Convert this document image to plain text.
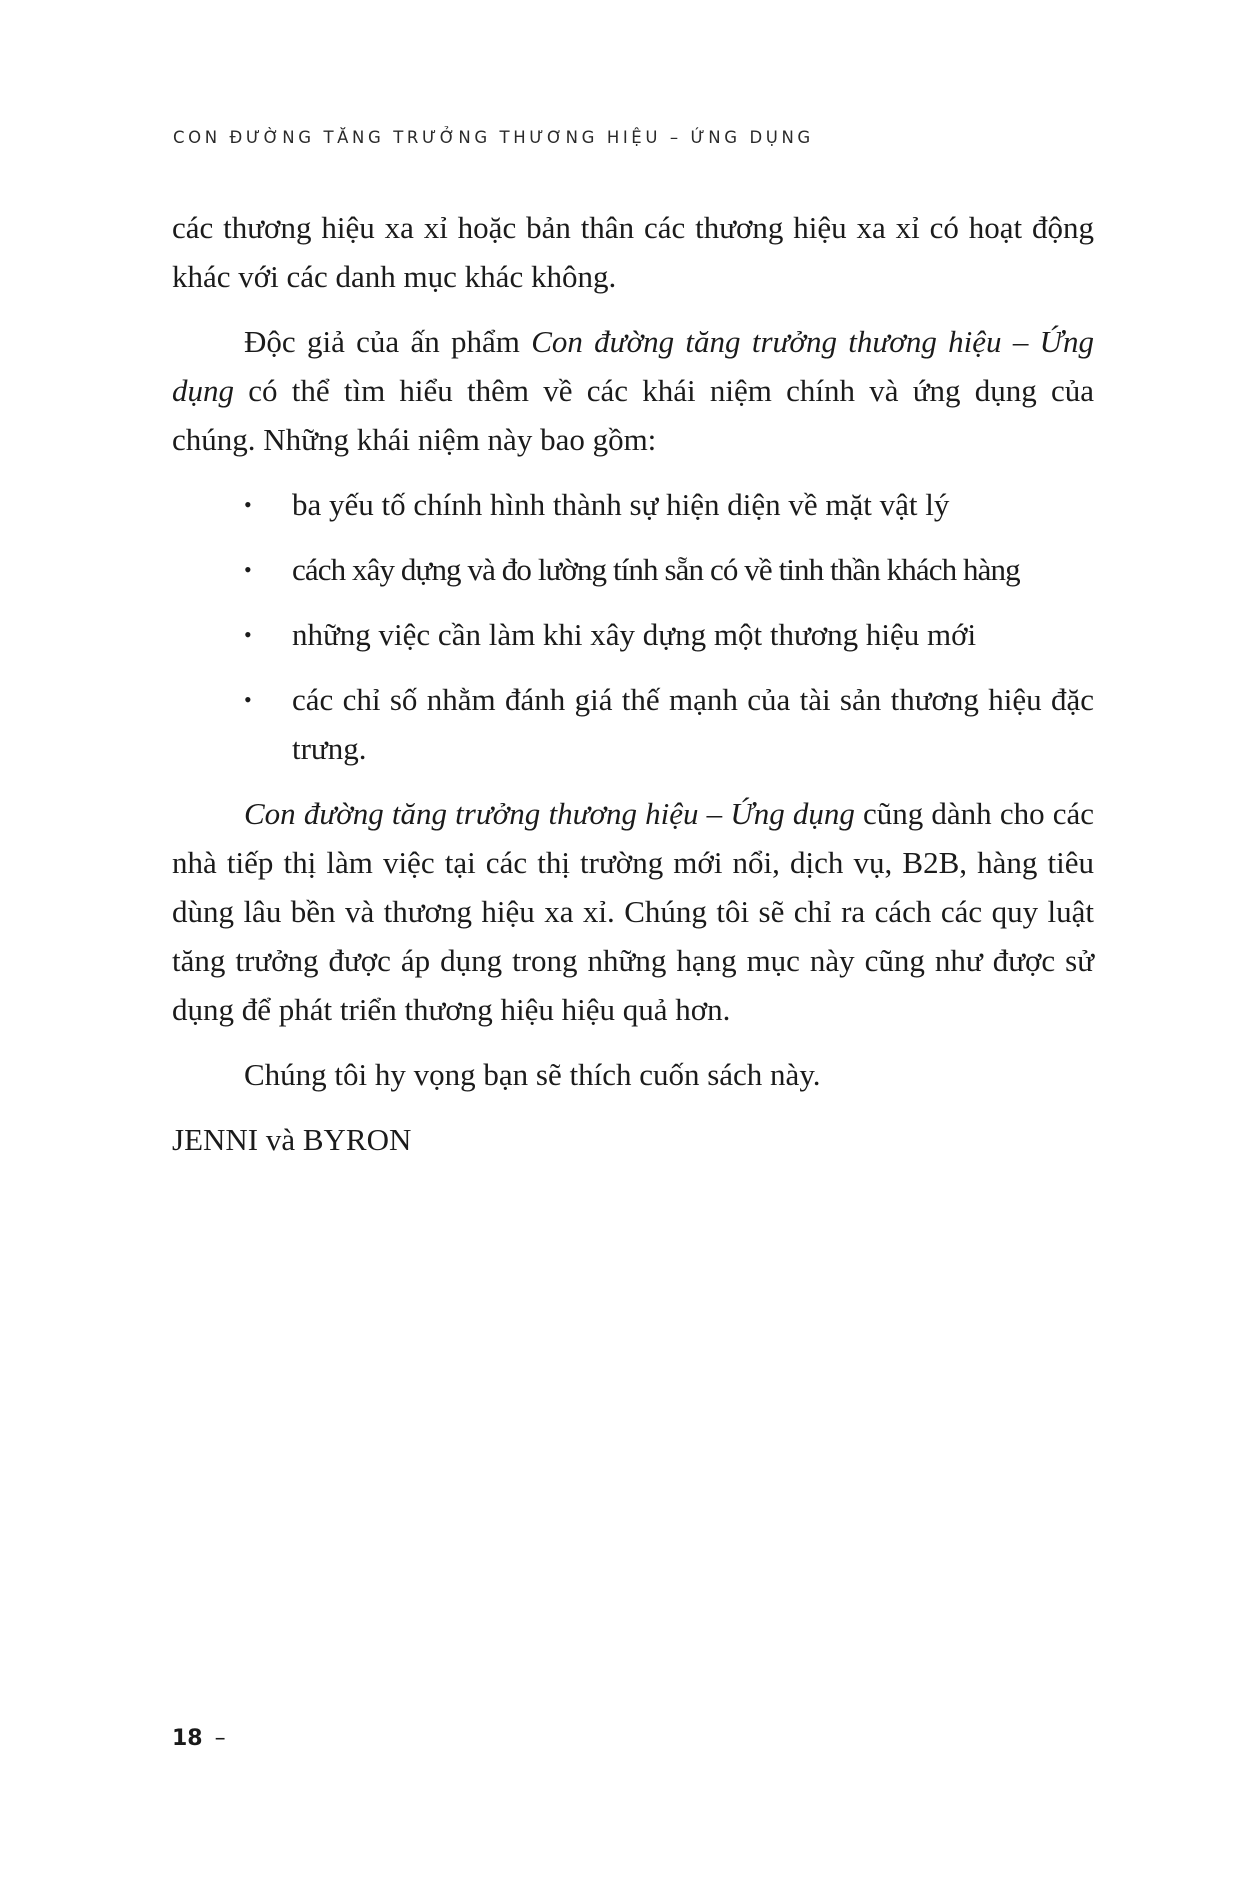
CON ĐƯỜNG TĂNG TRƯỞNG THƯƠNG HIỆU – ỨNG DỤNG

các thương hiệu xa xỉ hoặc bản thân các thương hiệu xa xỉ có hoạt động khác với các danh mục khác không.

Độc giả của ấn phẩm Con đường tăng trưởng thương hiệu – Ứng dụng có thể tìm hiểu thêm về các khái niệm chính và ứng dụng của chúng. Những khái niệm này bao gồm:

• ba yếu tố chính hình thành sự hiện diện về mặt vật lý
• cách xây dựng và đo lường tính sẵn có về tinh thần khách hàng
• những việc cần làm khi xây dựng một thương hiệu mới
• các chỉ số nhằm đánh giá thế mạnh của tài sản thương hiệu đặc trưng.

Con đường tăng trưởng thương hiệu – Ứng dụng cũng dành cho các nhà tiếp thị làm việc tại các thị trường mới nổi, dịch vụ, B2B, hàng tiêu dùng lâu bền và thương hiệu xa xỉ. Chúng tôi sẽ chỉ ra cách các quy luật tăng trưởng được áp dụng trong những hạng mục này cũng như được sử dụng để phát triển thương hiệu hiệu quả hơn.

Chúng tôi hy vọng bạn sẽ thích cuốn sách này.

JENNI và BYRON

18 –
